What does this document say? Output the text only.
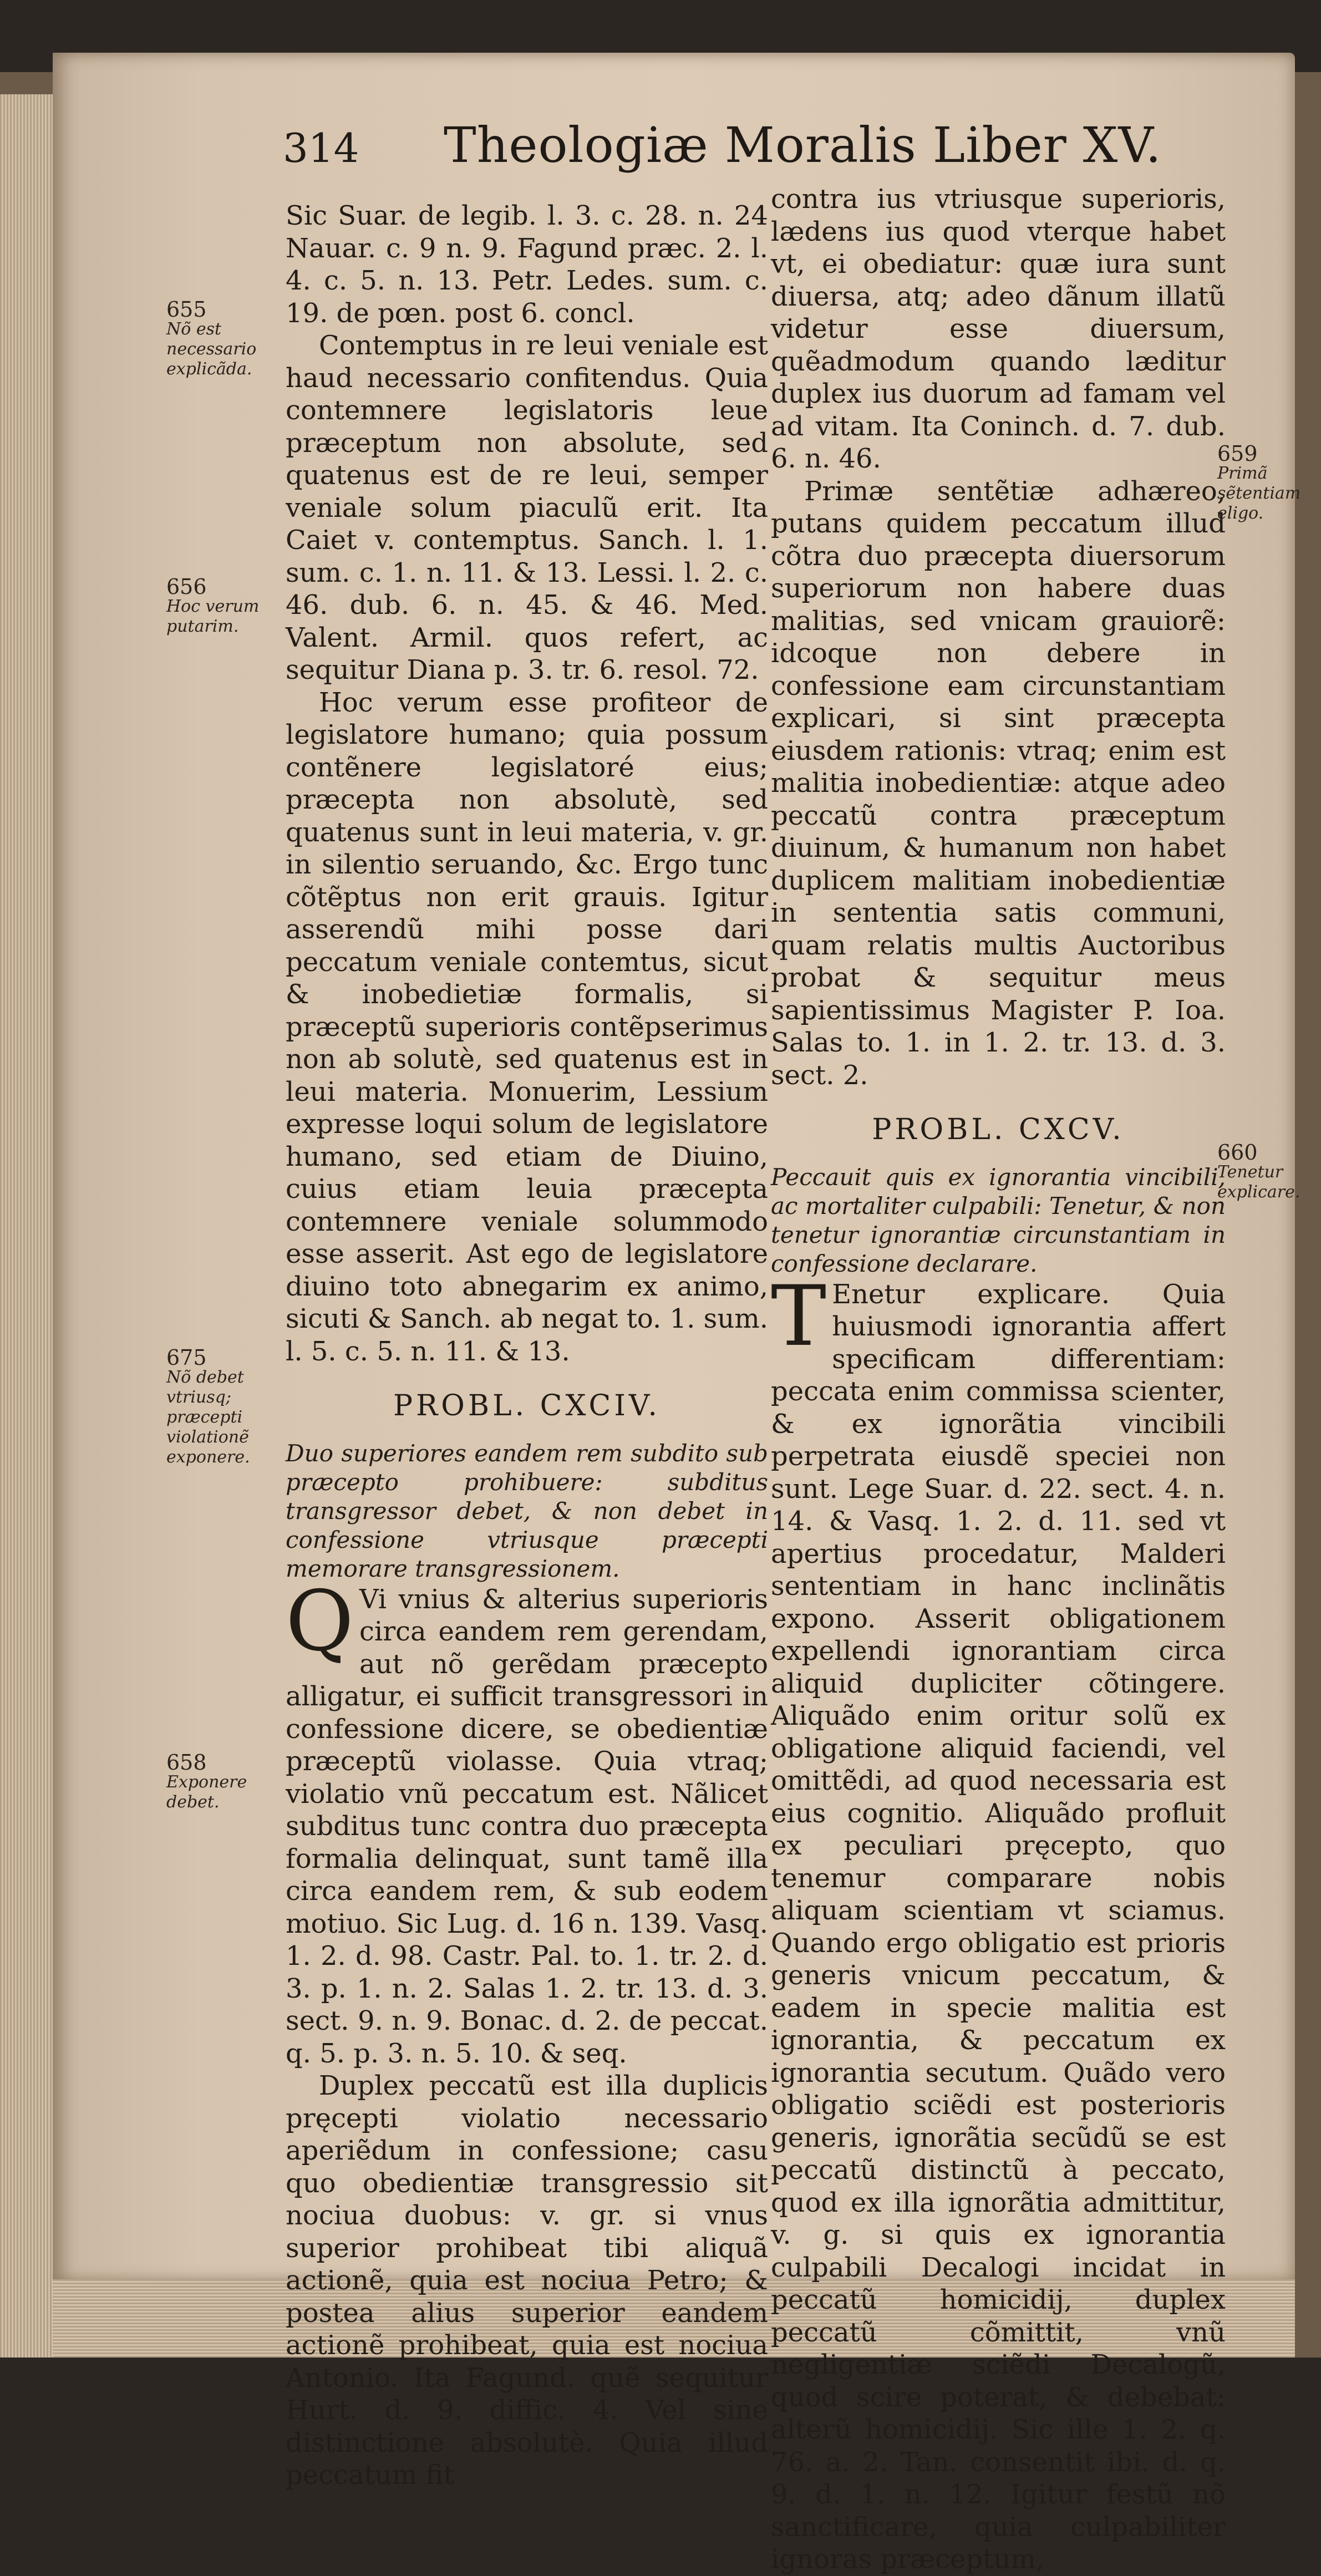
314 Theologiæ Moralis Liber XV.

Sic Suar. de legib. l. 3. c. 28. n. 24 Nauar. c. 9 n. 9. Fagund præc. 2. l. 4. c. 5. n. 13. Petr. Ledes. sum. c. 19. de pœn. post 6. concl.

Contemptus in re leui veniale est haud necessario confitendus. Quia contemnere legislatoris leue præceptum non absolute, sed quatenus est de re leui, semper veniale solum piaculũ erit. Ita Caiet v. contemptus. Sanch. l. 1. sum. c. 1. n. 11. & 13. Lessi. l. 2. c. 46. dub. 6. n. 45. & 46. Med. Valent. Armil. quos refert, ac sequitur Diana p. 3. tr. 6. resol. 72.

Hoc verum esse profiteor de legislatore humano; quia possum contẽnere legislatoré eius; præcepta non absolutè, sed quatenus sunt in leui materia, v. gr. in silentio seruando, &c. Ergo tunc cõtẽptus non erit grauis. Igitur asserendũ mihi posse dari peccatum veniale contemtus, sicut & inobedietiæ formalis, si præceptũ superioris contẽpserimus non ab solutè, sed quatenus est in leui materia. Monuerim, Lessium expresse loqui solum de legislatore humano, sed etiam de Diuino, cuius etiam leuia præcepta contemnere veniale solummodo esse asserit. Ast ego de legislatore diuino toto abnegarim ex animo, sicuti & Sanch. ab negat to. 1. sum. l. 5. c. 5. n. 11. & 13.

PROBL. CXCIV.

Duo superiores eandem rem subdito sub præcepto prohibuere: subditus transgressor debet, & non debet in confessione vtriusque præcepti memorare transgressionem.

Q Vi vnius & alterius superioris circa eandem rem gerendam, aut nõ gerẽdam præcepto alligatur, ei sufficit transgressori in confessione dicere, se obedientiæ præceptũ violasse. Quia vtraq; violatio vnũ peccatum est. Nãlicet subditus tunc contra duo præcepta formalia delinquat, sunt tamẽ illa circa eandem rem, & sub eodem motiuo. Sic Lug. d. 16 n. 139. Vasq. 1. 2. d. 98. Castr. Pal. to. 1. tr. 2. d. 3. p. 1. n. 2. Salas 1. 2. tr. 13. d. 3. sect. 9. n. 9. Bonac. d. 2. de peccat. q. 5. p. 3. n. 5. 10. & seq.

Duplex peccatũ est illa duplicis pręcepti violatio necessario aperiẽdum in confessione; casu quo obedientiæ transgressio sit nociua duobus: v. gr. si vnus superior prohibeat tibi aliquã actionẽ, quia est nociua Petro; & postea alius superior eandem actionẽ prohibeat, quia est nociua Antonio. Ita Fagund. quẽ sequitur Hurt. d. 9. diffic. 4. Vel sine distinctione absolutè. Quia illud peccatum fit

contra ius vtriusque superioris, lædens ius quod vterque habet vt, ei obediatur: quæ iura sunt diuersa, atq; adeo dãnum illatũ videtur esse diuersum, quẽadmodum quando læditur duplex ius duorum ad famam vel ad vitam. Ita Coninch. d. 7. dub. 6. n. 46.

Primæ sentẽtiæ adhæreo, putans quidem peccatum illud cõtra duo præcepta diuersorum superiorum non habere duas malitias, sed vnicam grauiorẽ: idcoque non debere in confessione eam circunstantiam explicari, si sint præcepta eiusdem rationis: vtraq; enim est malitia inobedientiæ: atque adeo peccatũ contra præceptum diuinum, & humanum non habet duplicem malitiam inobedientiæ in sententia satis communi, quam relatis multis Auctoribus probat & sequitur meus sapientissimus Magister P. Ioa. Salas to. 1. in 1. 2. tr. 13. d. 3. sect. 2.

PROBL. CXCV.

Peccauit quis ex ignorantia vincibili, ac mortaliter culpabili: Tenetur, & non tenetur ignorantiæ circunstantiam in confessione declarare.

T Enetur explicare. Quia huiusmodi ignorantia affert specificam differentiam: peccata enim commissa scienter, & ex ignorãtia vincibili perpetrata eiusdẽ speciei non sunt. Lege Suar. d. 22. sect. 4. n. 14. & Vasq. 1. 2. d. 11. sed vt apertius procedatur, Malderi sententiam in hanc inclinãtis expono. Asserit obligationem expellendi ignorantiam circa aliquid dupliciter cõtingere. Aliquãdo enim oritur solũ ex obligatione aliquid faciendi, vel omittẽdi, ad quod necessaria est eius cognitio. Aliquãdo profluit ex peculiari pręcepto, quo tenemur comparare nobis aliquam scientiam vt sciamus. Quando ergo obligatio est prioris generis vnicum peccatum, & eadem in specie malitia est ignorantia, & peccatum ex ignorantia secutum. Quãdo vero obligatio sciẽdi est posterioris generis, ignorãtia secũdũ se est peccatũ distinctũ à peccato, quod ex illa ignorãtia admittitur, v. g. si quis ex ignorantia culpabili Decalogi incidat in peccatũ homicidij, duplex peccatũ cõmittit, vnũ negligentiæ sciẽdi Decalogũ, quod scire poterat, & debebat: alterũ homicidij. Sic ille 1. 2. q. 76. a. 2. Tan. consentit ibi. d. q. 9. d. 1. n. 12. Igitur festũ nõ sanctificare, quia culpabiliter ignoras præceptum,

655
Nõ est necessario explicãda.
656
Hoc verum putarim.
675
Nõ debet vtriusq; præcepti violationẽ exponere.
658
Exponere debet.
659
Primã sẽtentiam eligo.
660
Tenetur explicare.
